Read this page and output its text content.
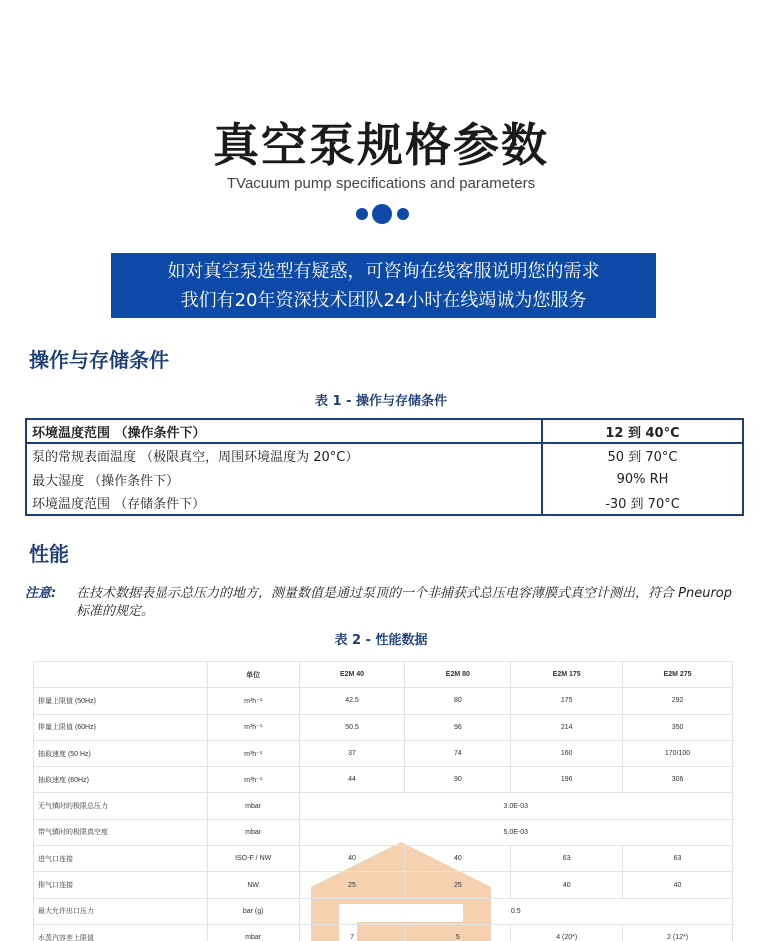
真空泵规格参数
TVacuum pump specifications and parameters
如对真空泵选型有疑惑，可咨询在线客服说明您的需求
我们有20年资深技术团队24小时在线竭诚为您服务
操作与存储条件
表 1 - 操作与存储条件
环境温度范围 （操作条件下）	12 到 40°C
泵的常规表面温度 （极限真空，周围环境温度为 20°C）	50 到 70°C
最大湿度 （操作条件下）	90% RH
环境温度范围 （存储条件下）	-30 到 70°C
性能
注意:	在技术数据表显示总压力的地方，测量数值是通过泵顶的一个非捕获式总压电容薄膜式真空计测出，符合 Pneurop 标准的规定。
表 2 - 性能数据
	单位	E2M 40	E2M 80	E2M 175	E2M 275
排量上限值 (50Hz)	m³h⁻¹	42.5	80	175	292
排量上限值 (60Hz)	m³h⁻¹	50.5	96	214	350
抽取速度 (50 Hz)	m³h⁻¹	37	74	160	170/100
抽取速度 (60Hz)	m³h⁻¹	44	90	196	306
无气镇时的极限总压力	mbar	3.0E-03			
带气镇时的极限真空度	mbar	5.0E-03			
进气口连接	ISO-F / NW	40	40	63	63
排气口连接	NW	25	25	40	40
最大允许出口压力	bar (g)	0.5			
水蒸汽容差上限值	mbar	7	5	4 (20*)	2 (12*)
